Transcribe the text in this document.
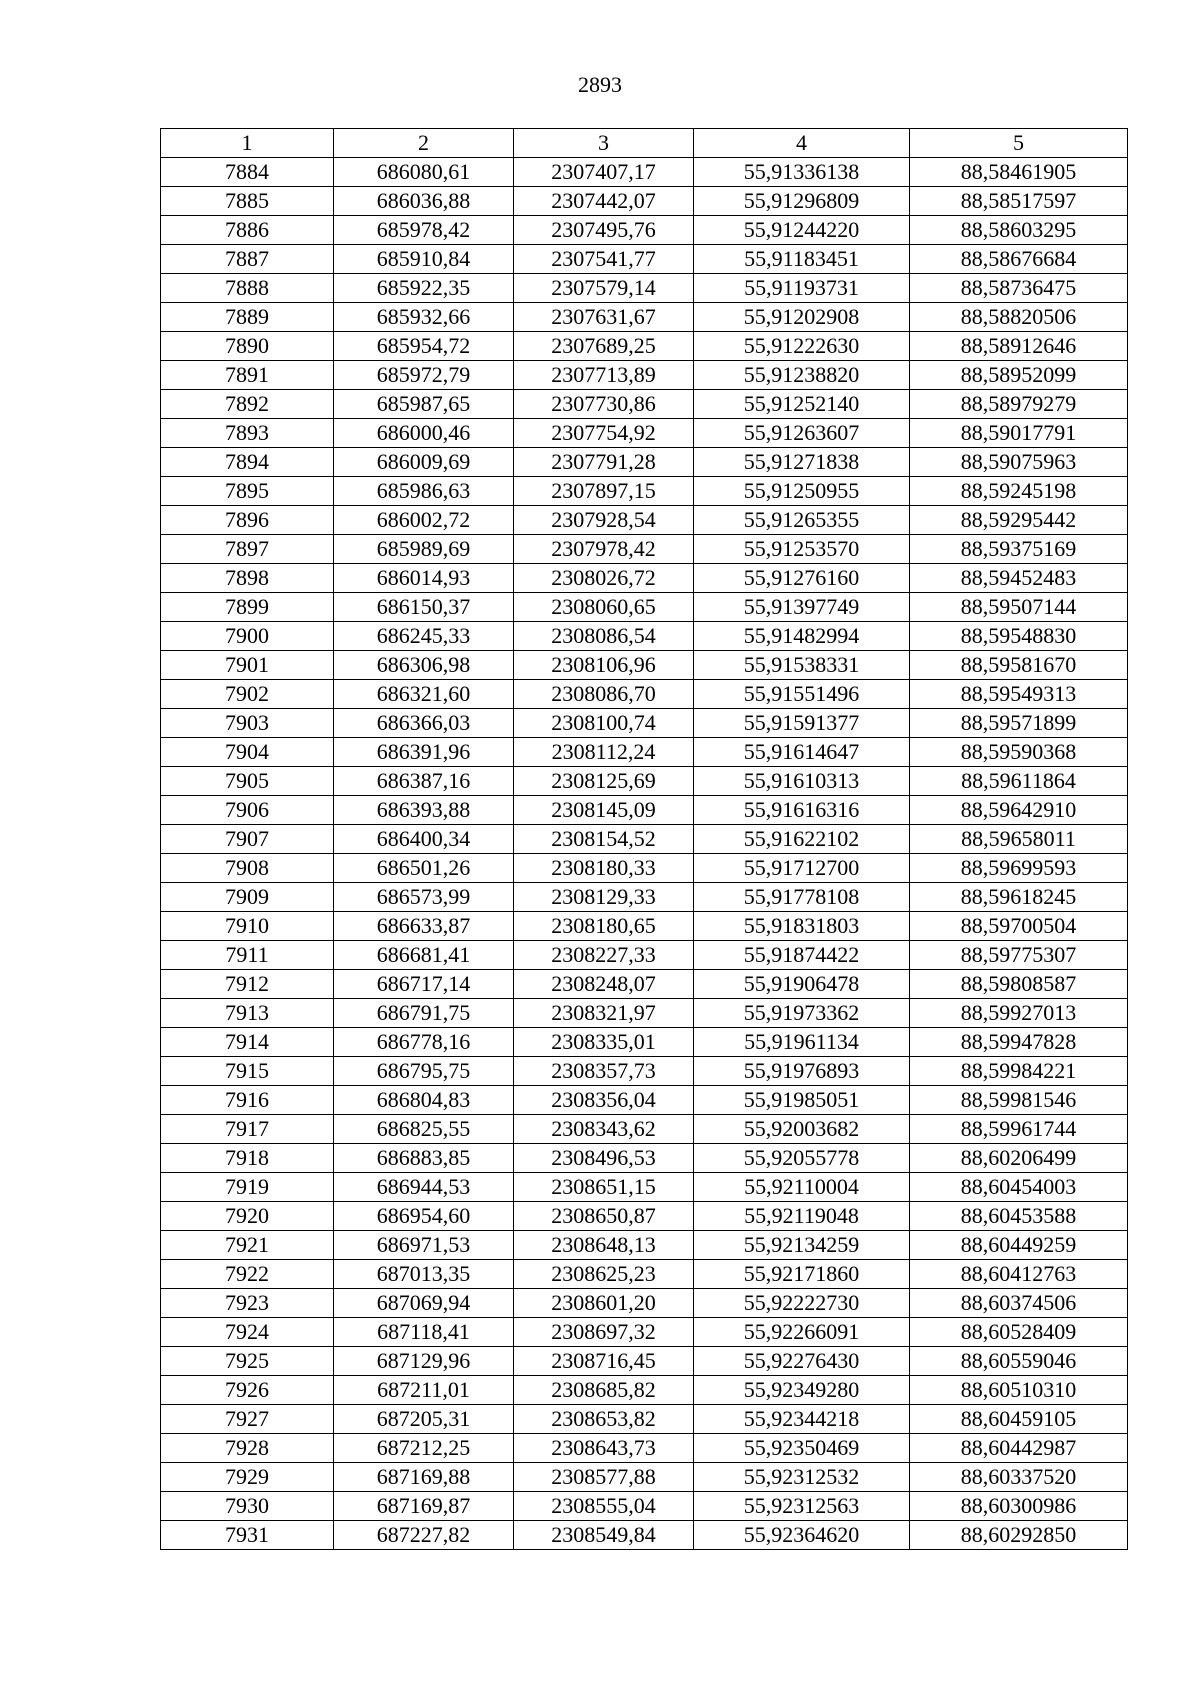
2893
1	2	3	4	5
7884	686080,61	2307407,17	55,91336138	88,58461905
7885	686036,88	2307442,07	55,91296809	88,58517597
7886	685978,42	2307495,76	55,91244220	88,58603295
7887	685910,84	2307541,77	55,91183451	88,58676684
7888	685922,35	2307579,14	55,91193731	88,58736475
7889	685932,66	2307631,67	55,91202908	88,58820506
7890	685954,72	2307689,25	55,91222630	88,58912646
7891	685972,79	2307713,89	55,91238820	88,58952099
7892	685987,65	2307730,86	55,91252140	88,58979279
7893	686000,46	2307754,92	55,91263607	88,59017791
7894	686009,69	2307791,28	55,91271838	88,59075963
7895	685986,63	2307897,15	55,91250955	88,59245198
7896	686002,72	2307928,54	55,91265355	88,59295442
7897	685989,69	2307978,42	55,91253570	88,59375169
7898	686014,93	2308026,72	55,91276160	88,59452483
7899	686150,37	2308060,65	55,91397749	88,59507144
7900	686245,33	2308086,54	55,91482994	88,59548830
7901	686306,98	2308106,96	55,91538331	88,59581670
7902	686321,60	2308086,70	55,91551496	88,59549313
7903	686366,03	2308100,74	55,91591377	88,59571899
7904	686391,96	2308112,24	55,91614647	88,59590368
7905	686387,16	2308125,69	55,91610313	88,59611864
7906	686393,88	2308145,09	55,91616316	88,59642910
7907	686400,34	2308154,52	55,91622102	88,59658011
7908	686501,26	2308180,33	55,91712700	88,59699593
7909	686573,99	2308129,33	55,91778108	88,59618245
7910	686633,87	2308180,65	55,91831803	88,59700504
7911	686681,41	2308227,33	55,91874422	88,59775307
7912	686717,14	2308248,07	55,91906478	88,59808587
7913	686791,75	2308321,97	55,91973362	88,59927013
7914	686778,16	2308335,01	55,91961134	88,59947828
7915	686795,75	2308357,73	55,91976893	88,59984221
7916	686804,83	2308356,04	55,91985051	88,59981546
7917	686825,55	2308343,62	55,92003682	88,59961744
7918	686883,85	2308496,53	55,92055778	88,60206499
7919	686944,53	2308651,15	55,92110004	88,60454003
7920	686954,60	2308650,87	55,92119048	88,60453588
7921	686971,53	2308648,13	55,92134259	88,60449259
7922	687013,35	2308625,23	55,92171860	88,60412763
7923	687069,94	2308601,20	55,92222730	88,60374506
7924	687118,41	2308697,32	55,92266091	88,60528409
7925	687129,96	2308716,45	55,92276430	88,60559046
7926	687211,01	2308685,82	55,92349280	88,60510310
7927	687205,31	2308653,82	55,92344218	88,60459105
7928	687212,25	2308643,73	55,92350469	88,60442987
7929	687169,88	2308577,88	55,92312532	88,60337520
7930	687169,87	2308555,04	55,92312563	88,60300986
7931	687227,82	2308549,84	55,92364620	88,60292850
